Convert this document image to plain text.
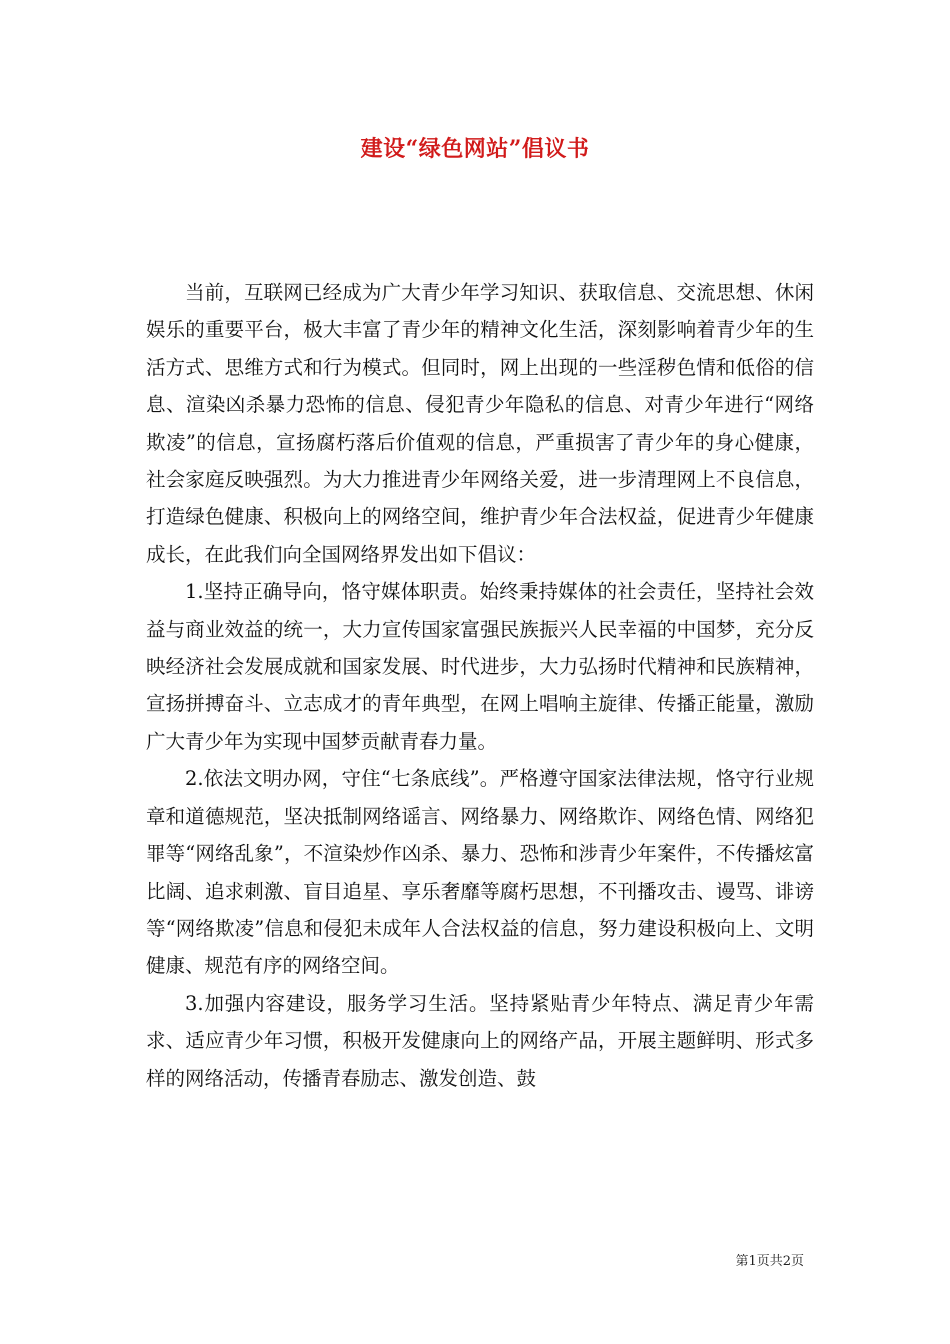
建设“绿色网站”倡议书

当前，互联网已经成为广大青少年学习知识、获取信息、交流思想、休闲娱乐的重要平台，极大丰富了青少年的精神文化生活，深刻影响着青少年的生活方式、思维方式和行为模式。但同时，网上出现的一些淫秽色情和低俗的信息、渲染凶杀暴力恐怖的信息、侵犯青少年隐私的信息、对青少年进行“网络欺凌”的信息，宣扬腐朽落后价值观的信息，严重损害了青少年的身心健康，社会家庭反映强烈。为大力推进青少年网络关爱，进一步清理网上不良信息，打造绿色健康、积极向上的网络空间，维护青少年合法权益，促进青少年健康成长，在此我们向全国网络界发出如下倡议：

1.坚持正确导向，恪守媒体职责。始终秉持媒体的社会责任，坚持社会效益与商业效益的统一，大力宣传国家富强民族振兴人民幸福的中国梦，充分反映经济社会发展成就和国家发展、时代进步，大力弘扬时代精神和民族精神，宣扬拼搏奋斗、立志成才的青年典型，在网上唱响主旋律、传播正能量，激励广大青少年为实现中国梦贡献青春力量。

2.依法文明办网，守住“七条底线”。严格遵守国家法律法规，恪守行业规章和道德规范，坚决抵制网络谣言、网络暴力、网络欺诈、网络色情、网络犯罪等“网络乱象”，不渲染炒作凶杀、暴力、恐怖和涉青少年案件，不传播炫富比阔、追求刺激、盲目追星、享乐奢靡等腐朽思想，不刊播攻击、谩骂、诽谤等“网络欺凌”信息和侵犯未成年人合法权益的信息，努力建设积极向上、文明健康、规范有序的网络空间。

3.加强内容建设，服务学习生活。坚持紧贴青少年特点、满足青少年需求、适应青少年习惯，积极开发健康向上的网络产品，开展主题鲜明、形式多样的网络活动，传播青春励志、激发创造、鼓

第1页共2页
